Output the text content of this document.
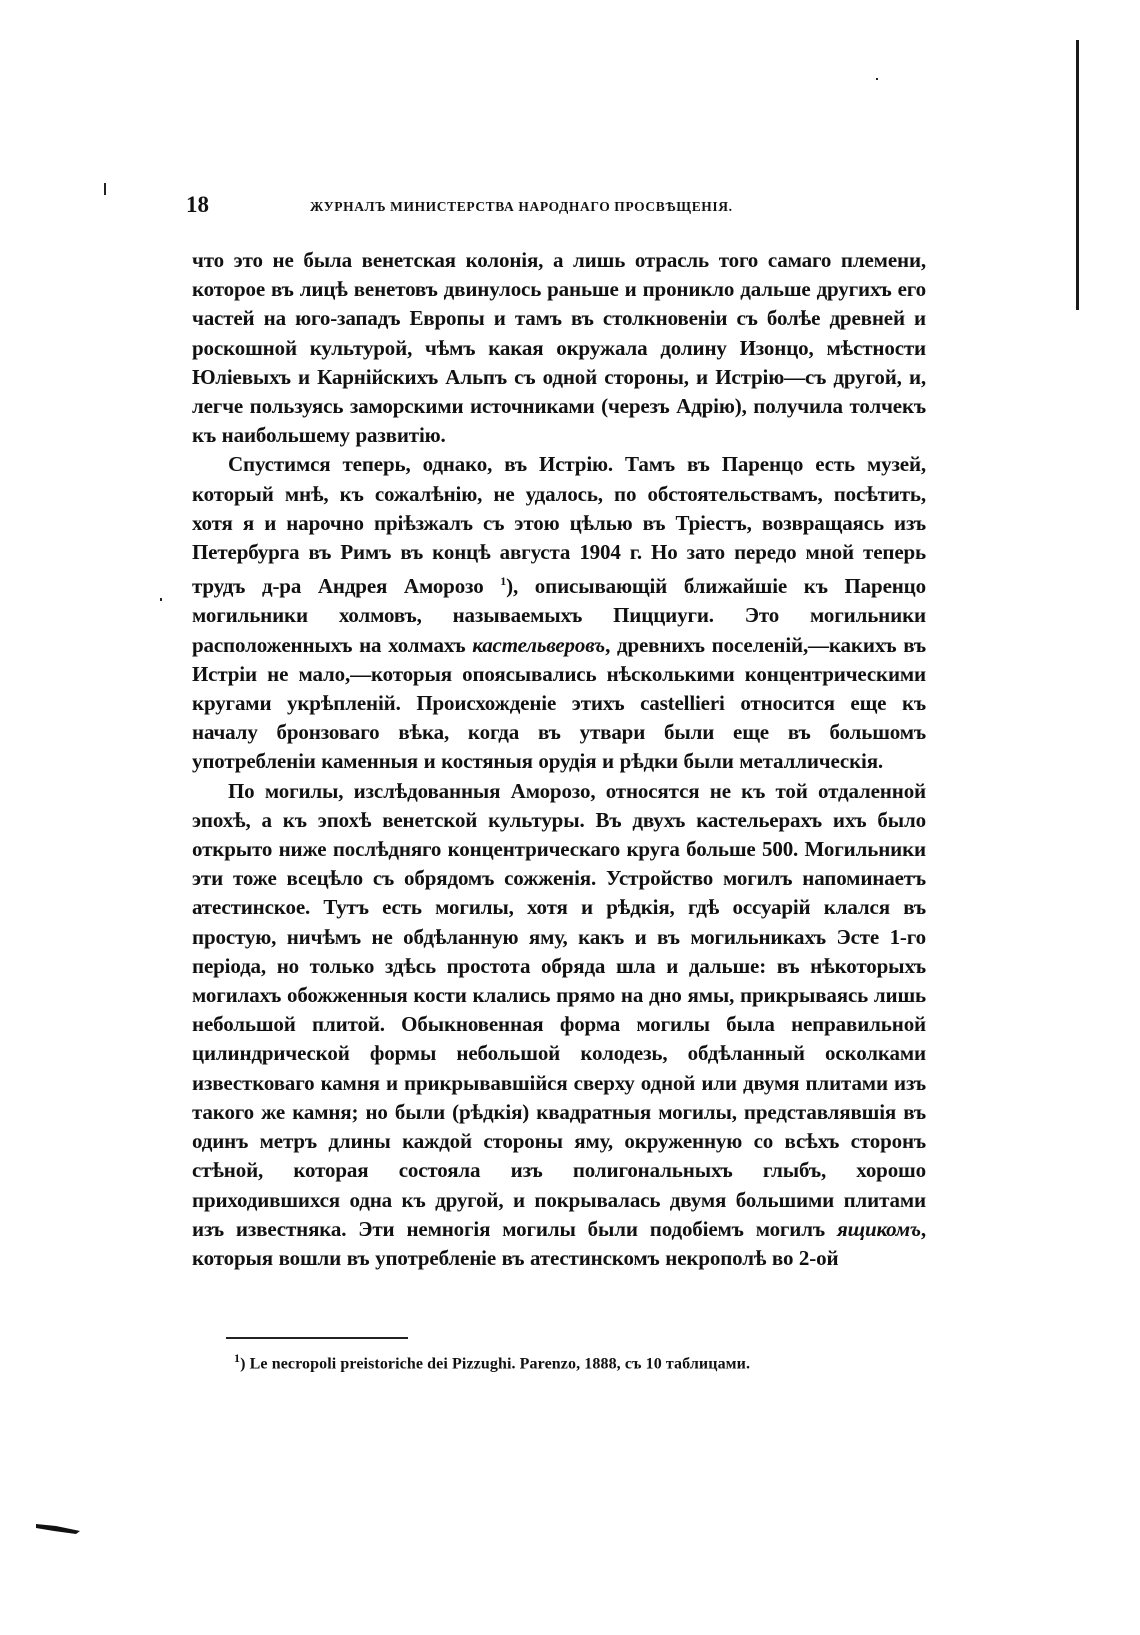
18	ЖУРНАЛЪ МИНИСТЕРСТВА НАРОДНАГО ПРОСВѢЩЕНІЯ.

что это не была венетская колонія, а лишь отрасль того самаго племени, которое въ лицѣ венетовъ двинулось раньше и проникло дальше другихъ его частей на юго-западъ Европы и тамъ въ столкновеніи съ болѣе древней и роскошной культурой, чѣмъ какая окружала долину Изонцо, мѣстности Юліевыхъ и Карнійскихъ Альпъ съ одной стороны, и Истрію—съ другой, и, легче пользуясь заморскими источниками (черезъ Адрію), получила толчекъ къ наибольшему развитію.

Спустимся теперь, однако, въ Истрію. Тамъ въ Паренцо есть музей, который мнѣ, къ сожалѣнію, не удалось, по обстоятельствамъ, посѣтить, хотя я и нарочно пріѣзжалъ съ этою цѣлью въ Тріестъ, возвращаясь изъ Петербурга въ Римъ въ концѣ августа 1904 г. Но зато передо мной теперь трудъ д-ра Андрея Аморозо $^1$), описывающій ближайшіе къ Паренцо могильники холмовъ, называемыхъ Пицциуги. Это могильники расположенныхъ на холмахъ кастельверовъ, древнихъ поселеній,—какихъ въ Истріи не мало,—которыя опоясывались нѣсколькими концентрическими кругами укрѣпленій. Происхожденіе этихъ castellieri относится еще къ началу бронзоваго вѣка, когда въ утвари были еще въ большомъ употребленіи каменныя и костяныя орудія и рѣдки были металлическія.

По могилы, изслѣдованныя Аморозо, относятся не къ той отдаленной эпохѣ, а къ эпохѣ венетской культуры. Въ двухъ кастельерахъ ихъ было открыто ниже послѣдняго концентрическаго круга больше 500. Могильники эти тоже всецѣло съ обрядомъ сожженія. Устройство могилъ напоминаетъ атестинское. Тутъ есть могилы, хотя и рѣдкія, гдѣ оссуарій клался въ простую, ничѣмъ не обдѣланную яму, какъ и въ могильникахъ Эсте 1-го періода, но только здѣсь простота обряда шла и дальше: въ нѣкоторыхъ могилахъ обожженныя кости клались прямо на дно ямы, прикрываясь лишь небольшой плитой. Обыкновенная форма могилы была неправильной цилиндрической формы небольшой колодезь, обдѣланный осколками известковаго камня и прикрывавшійся сверху одной или двумя плитами изъ такого же камня; но были (рѣдкія) квадратныя могилы, представлявшія въ одинъ метръ длины каждой стороны яму, окруженную со всѣхъ сторонъ стѣной, которая состояла изъ полигональныхъ глыбъ, хорошо приходившихся одна къ другой, и покрывалась двумя большими плитами изъ известняка. Эти немногія могилы были подобіемъ могилъ ящикомъ, которыя вошли въ употребленіе въ атестинскомъ некрополѣ во 2-ой

$^1$) Le necropoli preistoriche dei Pizzughi. Parenzo, 1888, съ 10 таблицами.
